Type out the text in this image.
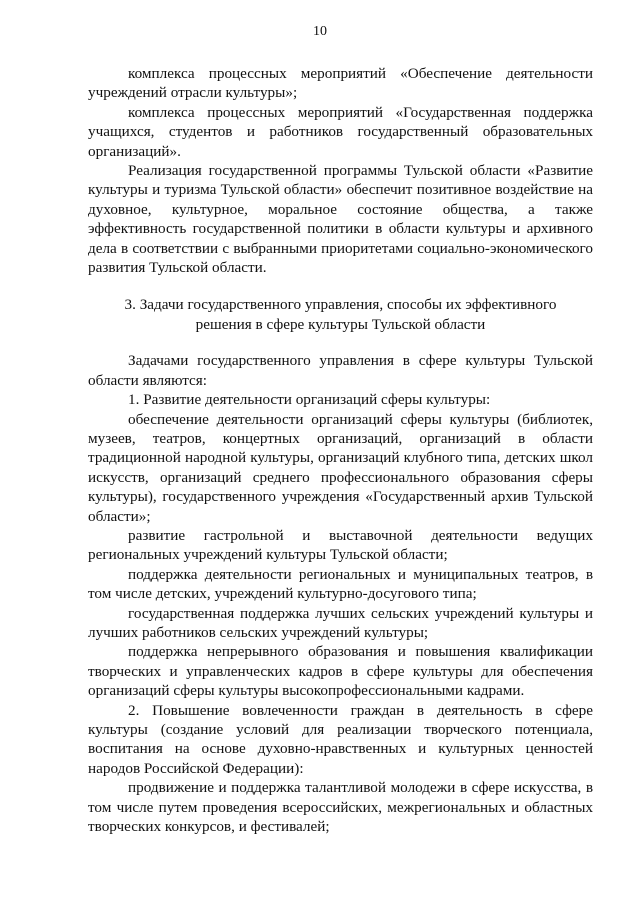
10

комплекса процессных мероприятий «Обеспечение деятельности учреждений отрасли культуры»;

комплекса процессных мероприятий «Государственная поддержка учащихся, студентов и работников государственный образовательных организаций».

Реализация государственной программы Тульской области «Развитие культуры и туризма Тульской области» обеспечит позитивное воздействие на духовное, культурное, моральное состояние общества, а также эффективность государственной политики в области культуры и архивного дела в соответствии с выбранными приоритетами социально-экономического развития Тульской области.

3. Задачи государственного управления, способы их эффективного
решения в сфере культуры Тульской области

Задачами государственного управления в сфере культуры Тульской области являются:

1. Развитие деятельности организаций сферы культуры:

обеспечение деятельности организаций сферы культуры (библиотек, музеев, театров, концертных организаций, организаций в области традиционной народной культуры, организаций клубного типа, детских школ искусств, организаций среднего профессионального образования сферы культуры), государственного учреждения «Государственный архив Тульской области»;

развитие гастрольной и выставочной деятельности ведущих региональных учреждений культуры Тульской области;

поддержка деятельности региональных и муниципальных театров, в том числе детских, учреждений культурно-досугового типа;

государственная поддержка лучших сельских учреждений культуры и лучших работников сельских учреждений культуры;

поддержка непрерывного образования и повышения квалификации творческих и управленческих кадров в сфере культуры для обеспечения организаций сферы культуры высокопрофессиональными кадрами.

2. Повышение вовлеченности граждан в деятельность в сфере культуры (создание условий для реализации творческого потенциала, воспитания на основе духовно-нравственных и культурных ценностей народов Российской Федерации):

продвижение и поддержка талантливой молодежи в сфере искусства, в том числе путем проведения всероссийских, межрегиональных и областных творческих конкурсов, и фестивалей;
